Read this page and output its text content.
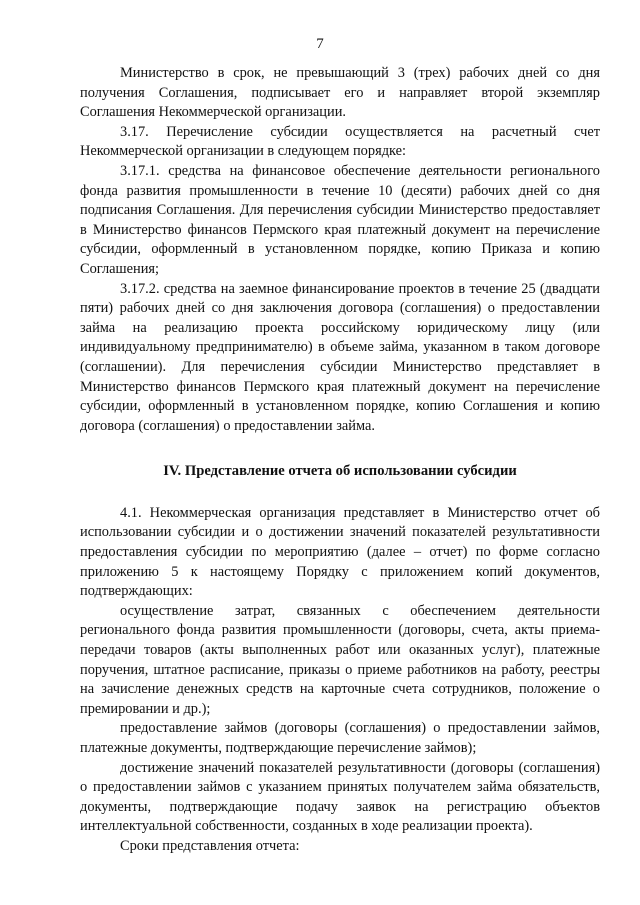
7

Министерство в срок, не превышающий 3 (трех) рабочих дней со дня получения Соглашения, подписывает его и направляет второй экземпляр Соглашения Некоммерческой организации.

3.17. Перечисление субсидии осуществляется на расчетный счет Некоммерческой организации в следующем порядке:

3.17.1. средства на финансовое обеспечение деятельности регионального фонда развития промышленности в течение 10 (десяти) рабочих дней со дня подписания Соглашения. Для перечисления субсидии Министерство предоставляет в Министерство финансов Пермского края платежный документ на перечисление субсидии, оформленный в установленном порядке, копию Приказа и копию Соглашения;

3.17.2. средства на заемное финансирование проектов в течение 25 (двадцати пяти) рабочих дней со дня заключения договора (соглашения) о предоставлении займа на реализацию проекта российскому юридическому лицу (или индивидуальному предпринимателю) в объеме займа, указанном в таком договоре (соглашении). Для перечисления субсидии Министерство представляет в Министерство финансов Пермского края платежный документ на перечисление субсидии, оформленный в установленном порядке, копию Соглашения и копию договора (соглашения) о предоставлении займа.

IV. Представление отчета об использовании субсидии

4.1. Некоммерческая организация представляет в Министерство отчет об использовании субсидии и о достижении значений показателей результативности предоставления субсидии по мероприятию (далее – отчет) по форме согласно приложению 5 к настоящему Порядку с приложением копий документов, подтверждающих:

осуществление затрат, связанных с обеспечением деятельности регионального фонда развития промышленности (договоры, счета, акты приема-передачи товаров (акты выполненных работ или оказанных услуг), платежные поручения, штатное расписание, приказы о приеме работников на работу, реестры на зачисление денежных средств на карточные счета сотрудников, положение о премировании и др.);

предоставление займов (договоры (соглашения) о предоставлении займов, платежные документы, подтверждающие перечисление займов);

достижение значений показателей результативности (договоры (соглашения) о предоставлении займов с указанием принятых получателем займа обязательств, документы, подтверждающие подачу заявок на регистрацию объектов интеллектуальной собственности, созданных в ходе реализации проекта).

Сроки представления отчета:
